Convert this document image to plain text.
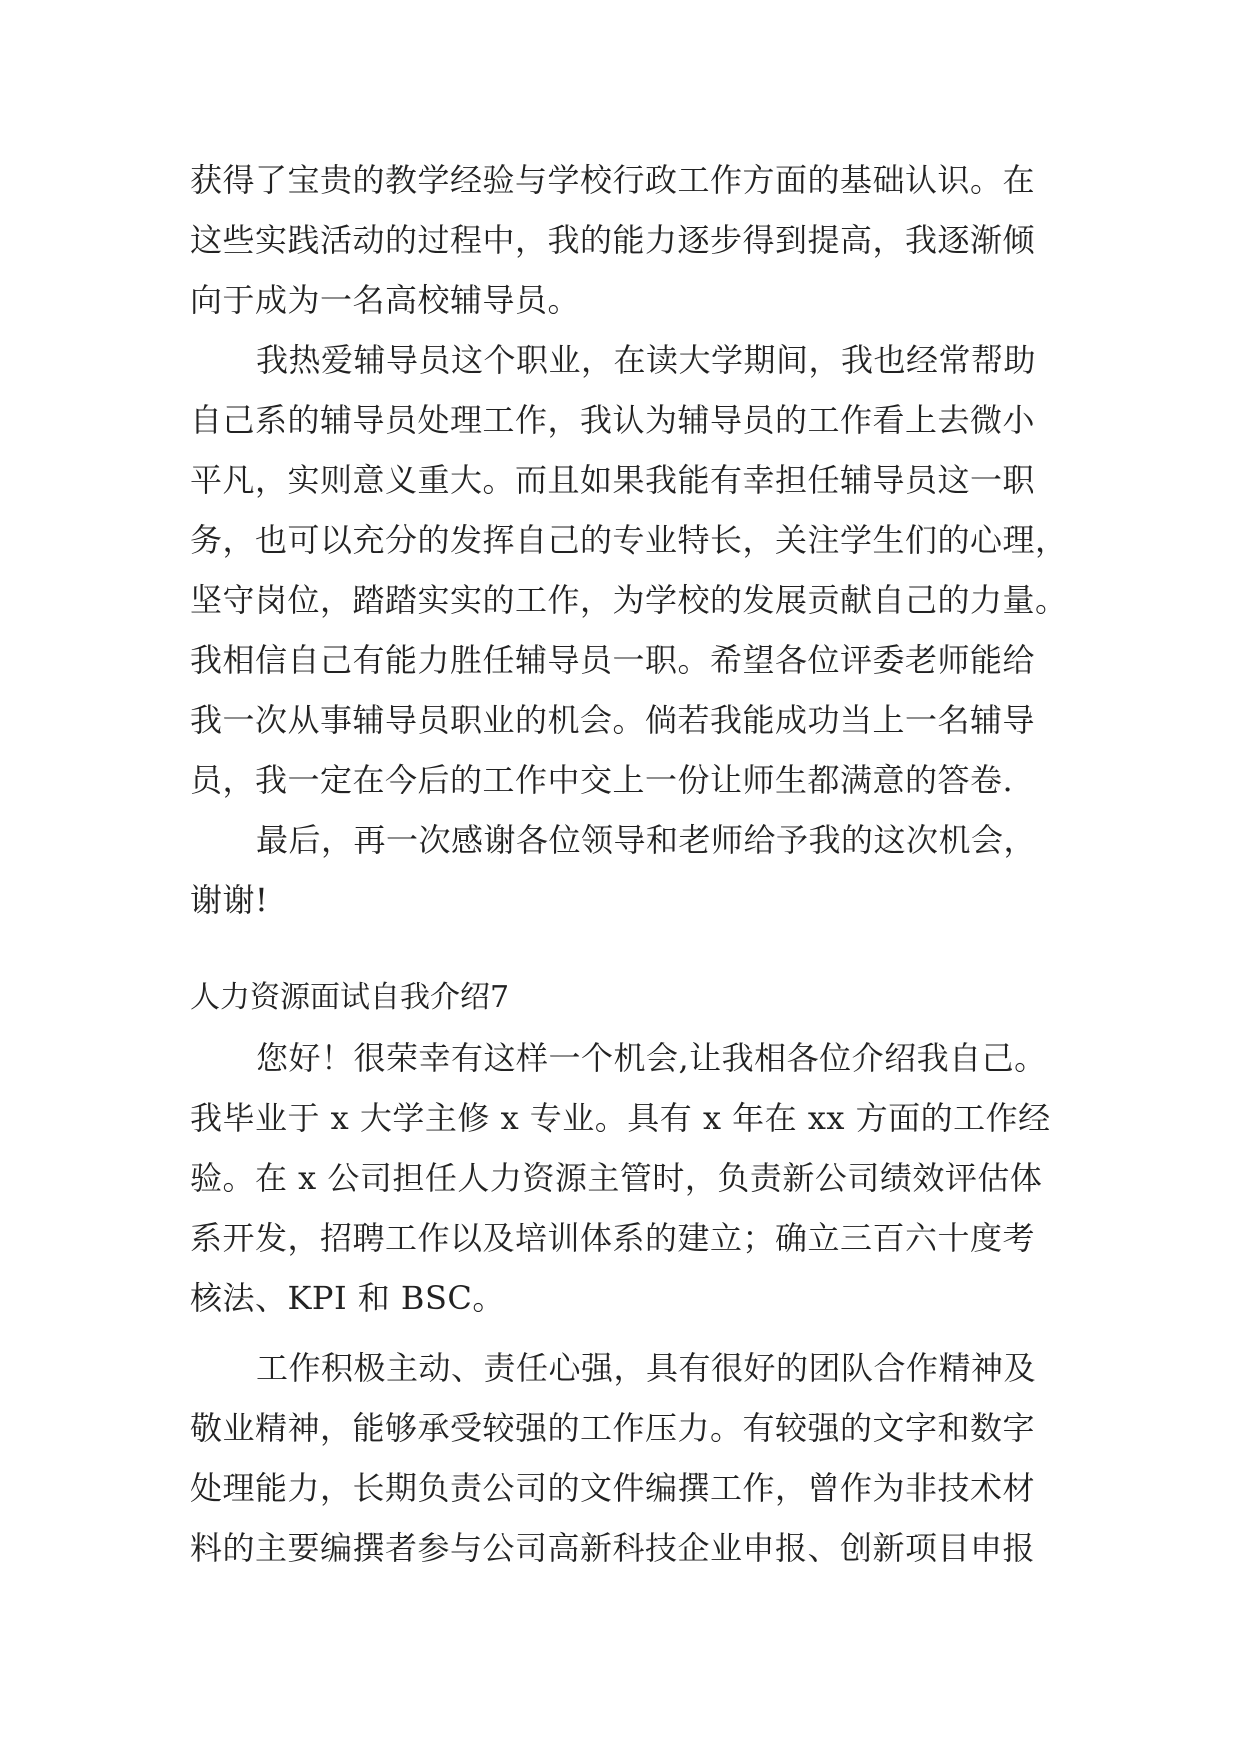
获得了宝贵的教学经验与学校行政工作方面的基础认识。在
这些实践活动的过程中，我的能力逐步得到提高，我逐渐倾
向于成为一名高校辅导员。
我热爱辅导员这个职业，在读大学期间，我也经常帮助
自己系的辅导员处理工作，我认为辅导员的工作看上去微小
平凡，实则意义重大。而且如果我能有幸担任辅导员这一职
务，也可以充分的发挥自己的专业特长，关注学生们的心理，
坚守岗位，踏踏实实的工作，为学校的发展贡献自己的力量。
我相信自己有能力胜任辅导员一职。希望各位评委老师能给
我一次从事辅导员职业的机会。倘若我能成功当上一名辅导
员，我一定在今后的工作中交上一份让师生都满意的答卷.
最后，再一次感谢各位领导和老师给予我的这次机会，
谢谢!
人力资源面试自我介绍7
您好！很荣幸有这样一个机会,让我相各位介绍我自己。
我毕业于 x 大学主修 x 专业。具有 x 年在 xx 方面的工作经
验。在 x 公司担任人力资源主管时，负责新公司绩效评估体
系开发，招聘工作以及培训体系的建立；确立三百六十度考
核法、KPI 和 BSC。
工作积极主动、责任心强，具有很好的团队合作精神及
敬业精神，能够承受较强的工作压力。有较强的文字和数字
处理能力，长期负责公司的文件编撰工作，曾作为非技术材
料的主要编撰者参与公司高新科技企业申报、创新项目申报
